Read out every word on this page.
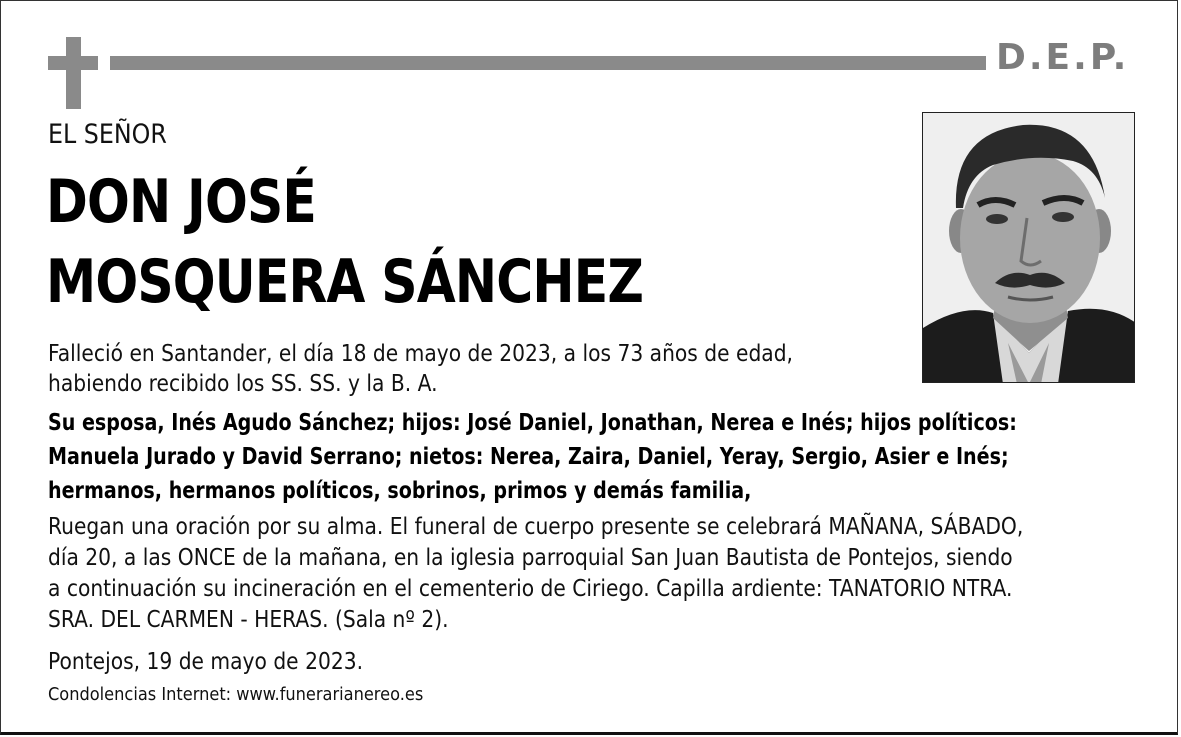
D.E.P.
EL SEÑOR
DON JOSÉ
MOSQUERA SÁNCHEZ
Falleció en Santander, el día 18 de mayo de 2023, a los 73 años de edad,
habiendo recibido los SS. SS. y la B. A.
Su esposa, Inés Agudo Sánchez; hijos: José Daniel, Jonathan, Nerea e Inés; hijos políticos:
Manuela Jurado y David Serrano; nietos: Nerea, Zaira, Daniel, Yeray, Sergio, Asier e Inés;
hermanos, hermanos políticos, sobrinos, primos y demás familia,
Ruegan una oración por su alma. El funeral de cuerpo presente se celebrará MAÑANA, SÁBADO,
día 20, a las ONCE de la mañana, en la iglesia parroquial San Juan Bautista de Pontejos, siendo
a continuación su incineración en el cementerio de Ciriego. Capilla ardiente: TANATORIO NTRA.
SRA. DEL CARMEN - HERAS. (Sala nº 2).
Pontejos, 19 de mayo de 2023.
Condolencias Internet: www.funerarianereo.es
